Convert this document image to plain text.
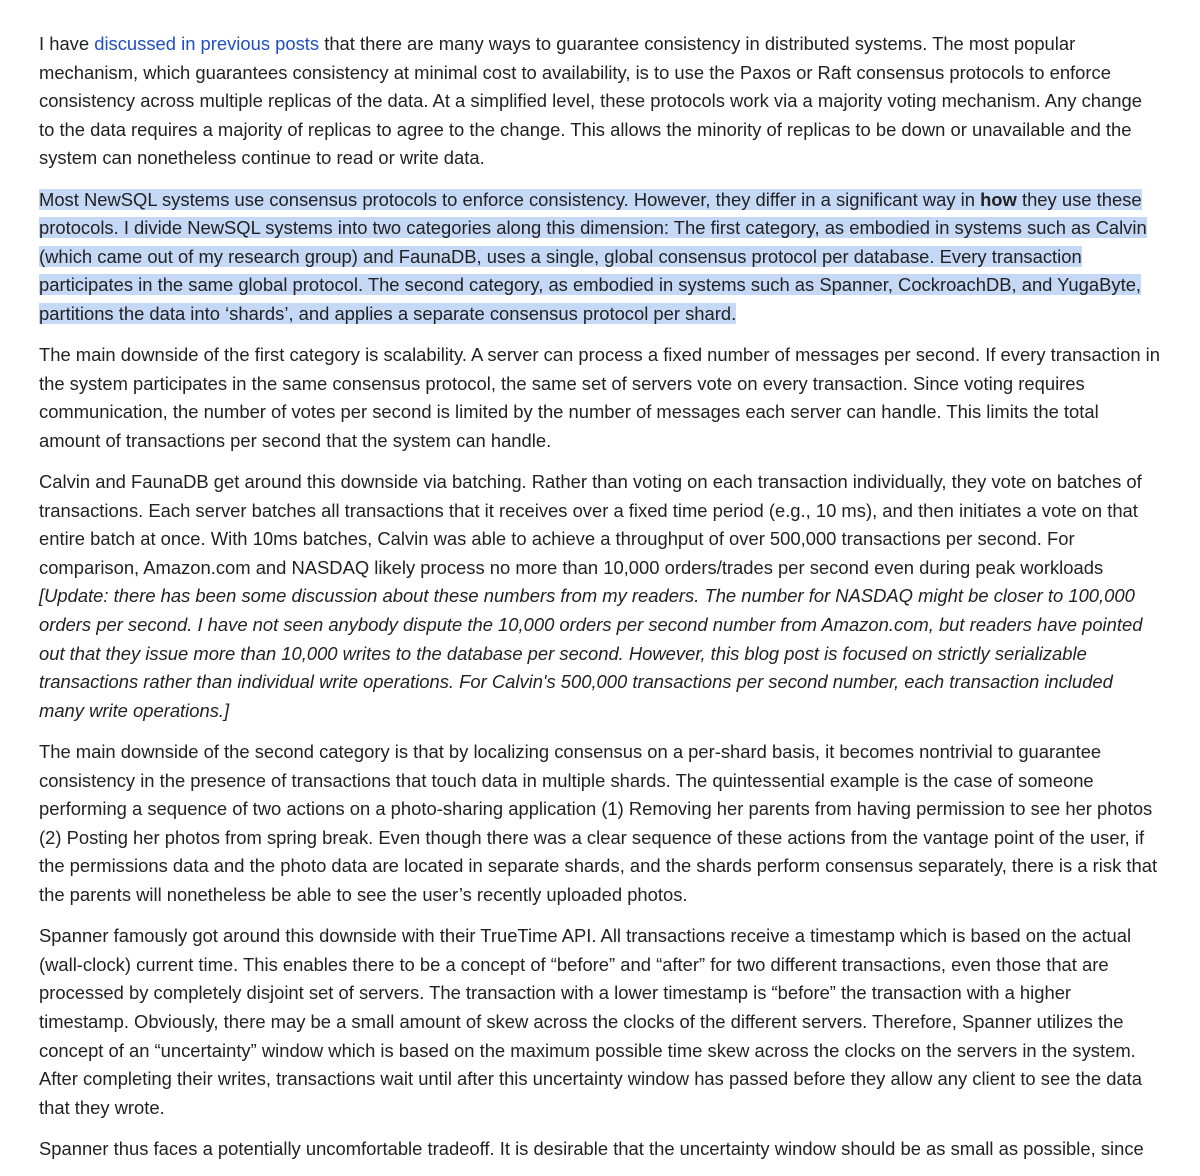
I have discussed in previous posts that there are many ways to guarantee consistency in distributed systems. The most popular mechanism, which guarantees consistency at minimal cost to availability, is to use the Paxos or Raft consensus protocols to enforce consistency across multiple replicas of the data. At a simplified level, these protocols work via a majority voting mechanism. Any change to the data requires a majority of replicas to agree to the change. This allows the minority of replicas to be down or unavailable and the system can nonetheless continue to read or write data.

Most NewSQL systems use consensus protocols to enforce consistency. However, they differ in a significant way in how they use these protocols. I divide NewSQL systems into two categories along this dimension: The first category, as embodied in systems such as Calvin (which came out of my research group) and FaunaDB, uses a single, global consensus protocol per database. Every transaction participates in the same global protocol. The second category, as embodied in systems such as Spanner, CockroachDB, and YugaByte, partitions the data into ‘shards’, and applies a separate consensus protocol per shard.

The main downside of the first category is scalability. A server can process a fixed number of messages per second. If every transaction in the system participates in the same consensus protocol, the same set of servers vote on every transaction. Since voting requires communication, the number of votes per second is limited by the number of messages each server can handle. This limits the total amount of transactions per second that the system can handle.

Calvin and FaunaDB get around this downside via batching. Rather than voting on each transaction individually, they vote on batches of transactions. Each server batches all transactions that it receives over a fixed time period (e.g., 10 ms), and then initiates a vote on that entire batch at once. With 10ms batches, Calvin was able to achieve a throughput of over 500,000 transactions per second. For comparison, Amazon.com and NASDAQ likely process no more than 10,000 orders/trades per second even during peak workloads [Update: there has been some discussion about these numbers from my readers. The number for NASDAQ might be closer to 100,000 orders per second. I have not seen anybody dispute the 10,000 orders per second number from Amazon.com, but readers have pointed out that they issue more than 10,000 writes to the database per second. However, this blog post is focused on strictly serializable transactions rather than individual write operations. For Calvin's 500,000 transactions per second number, each transaction included many write operations.]

The main downside of the second category is that by localizing consensus on a per-shard basis, it becomes nontrivial to guarantee consistency in the presence of transactions that touch data in multiple shards. The quintessential example is the case of someone performing a sequence of two actions on a photo-sharing application (1) Removing her parents from having permission to see her photos (2) Posting her photos from spring break. Even though there was a clear sequence of these actions from the vantage point of the user, if the permissions data and the photo data are located in separate shards, and the shards perform consensus separately, there is a risk that the parents will nonetheless be able to see the user’s recently uploaded photos.

Spanner famously got around this downside with their TrueTime API. All transactions receive a timestamp which is based on the actual (wall-clock) current time. This enables there to be a concept of “before” and “after” for two different transactions, even those that are processed by completely disjoint set of servers. The transaction with a lower timestamp is “before” the transaction with a higher timestamp. Obviously, there may be a small amount of skew across the clocks of the different servers. Therefore, Spanner utilizes the concept of an “uncertainty” window which is based on the maximum possible time skew across the clocks on the servers in the system. After completing their writes, transactions wait until after this uncertainty window has passed before they allow any client to see the data that they wrote.

Spanner thus faces a potentially uncomfortable tradeoff. It is desirable that the uncertainty window should be as small as possible, since
